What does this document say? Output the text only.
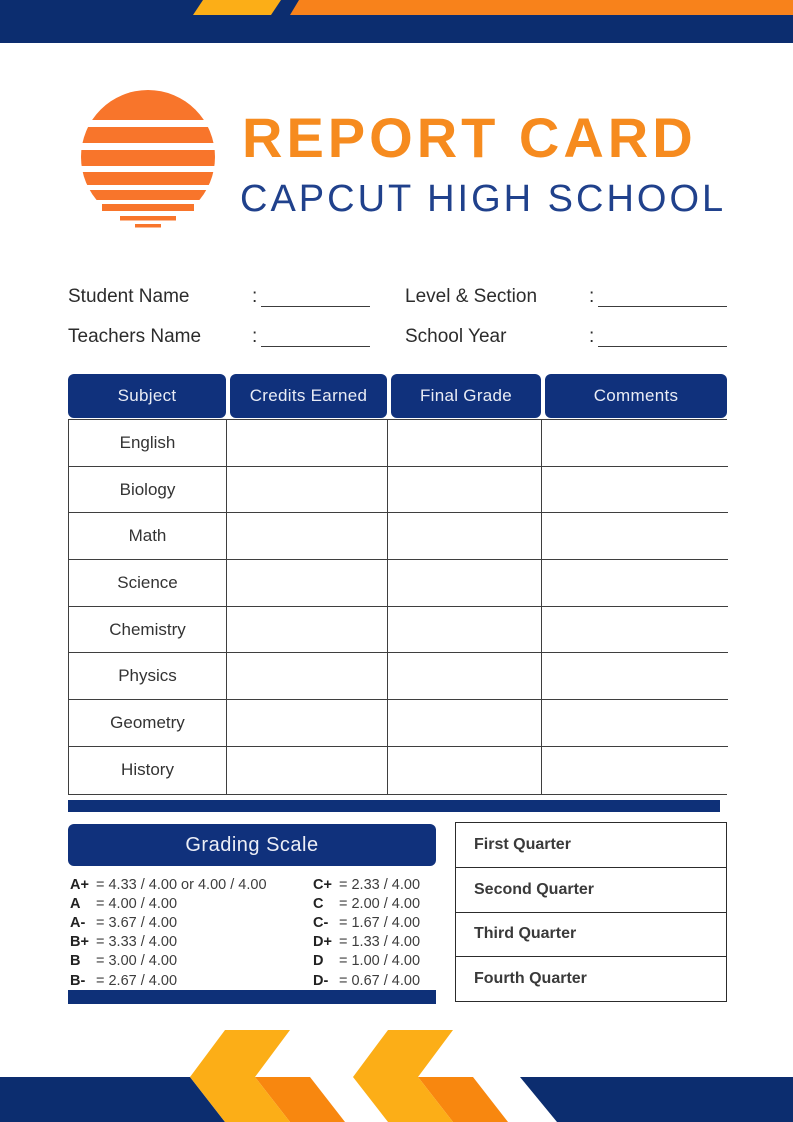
REPORT CARD
CAPCUT HIGH SCHOOL
Student Name	:	Level & Section	:
Teachers Name	:	School Year	:
Subject	Credits Earned	Final Grade	Comments
English
Biology
Math
Science
Chemistry
Physics
Geometry
History
Grading Scale
A+ = 4.33 / 4.00 or 4.00 / 4.00
A	= 4.00 / 4.00
A- = 3.67 / 4.00
B+ = 3.33 / 4.00
B	= 3.00 / 4.00
B- = 2.67 / 4.00
C+ = 2.33 / 4.00
C	= 2.00 / 4.00
C- = 1.67 / 4.00
D+ = 1.33 / 4.00
D	= 1.00 / 4.00
D- = 0.67 / 4.00
First Quarter
Second Quarter
Third Quarter
Fourth Quarter
